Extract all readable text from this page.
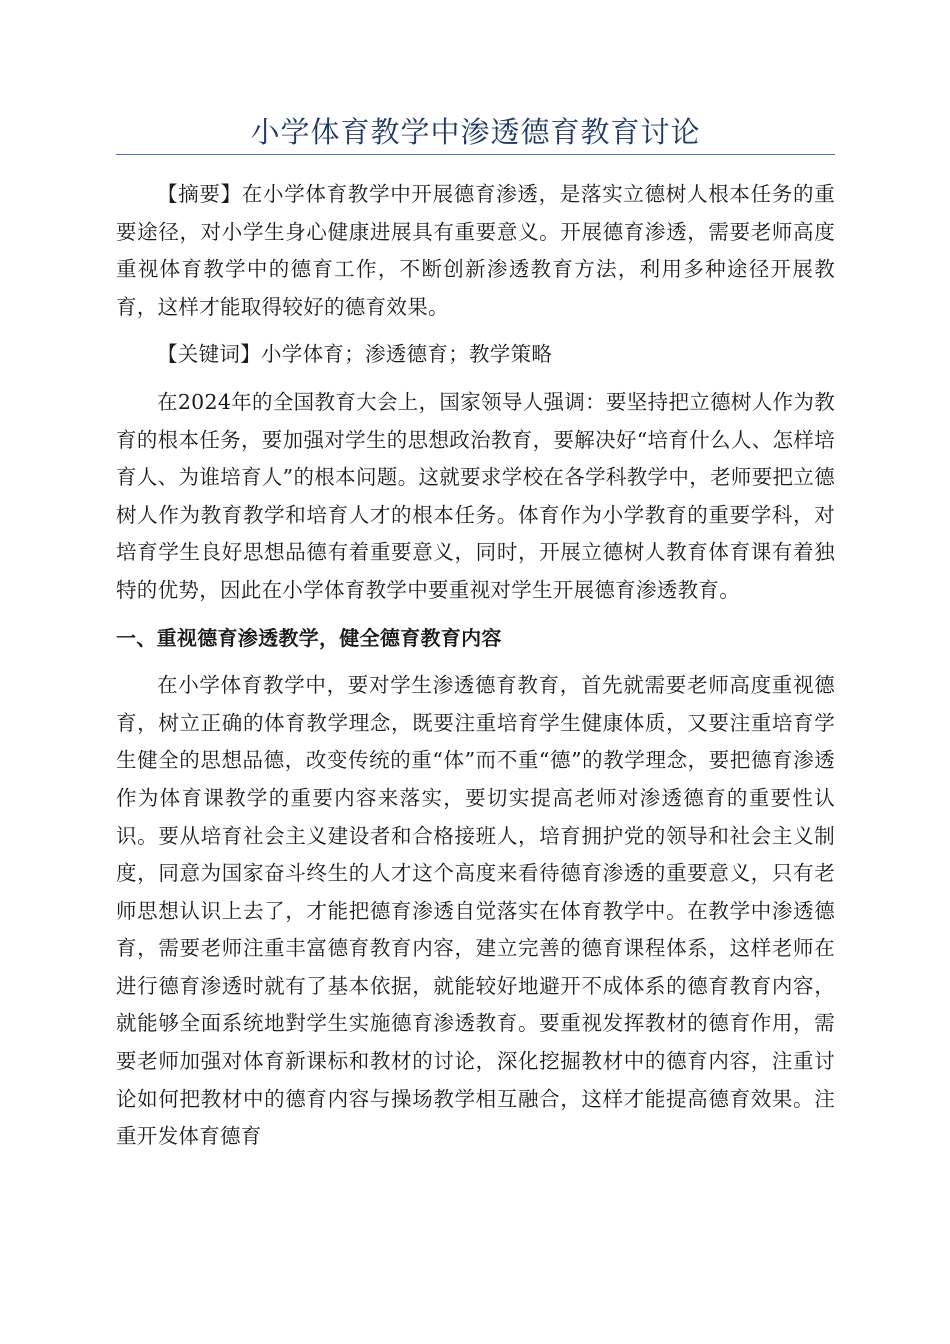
小学体育教学中渗透德育教育讨论

【摘要】在小学体育教学中开展德育渗透，是落实立德树人根本任务的重要途径，对小学生身心健康进展具有重要意义。开展德育渗透，需要老师高度重视体育教学中的德育工作，不断创新渗透教育方法，利用多种途径开展教育，这样才能取得较好的德育效果。

【关键词】小学体育；渗透德育；教学策略

在2024年的全国教育大会上，国家领导人强调：要坚持把立德树人作为教育的根本任务，要加强对学生的思想政治教育，要解决好“培育什么人、怎样培育人、为谁培育人”的根本问题。这就要求学校在各学科教学中，老师要把立德树人作为教育教学和培育人才的根本任务。体育作为小学教育的重要学科，对培育学生良好思想品德有着重要意义，同时，开展立德树人教育体育课有着独特的优势，因此在小学体育教学中要重视对学生开展德育渗透教育。

一、重视德育渗透教学，健全德育教育内容

在小学体育教学中，要对学生渗透德育教育，首先就需要老师高度重视德育，树立正确的体育教学理念，既要注重培育学生健康体质，又要注重培育学生健全的思想品德，改变传统的重“体”而不重“德”的教学理念，要把德育渗透作为体育课教学的重要内容来落实，要切实提高老师对渗透德育的重要性认识。要从培育社会主义建设者和合格接班人，培育拥护党的领导和社会主义制度，同意为国家奋斗终生的人才这个高度来看待德育渗透的重要意义，只有老师思想认识上去了，才能把德育渗透自觉落实在体育教学中。在教学中渗透德育，需要老师注重丰富德育教育内容，建立完善的德育课程体系，这样老师在进行德育渗透时就有了基本依据，就能较好地避开不成体系的德育教育内容，就能够全面系统地對学生实施德育渗透教育。要重视发挥教材的德育作用，需要老师加强对体育新课标和教材的讨论，深化挖掘教材中的德育内容，注重讨论如何把教材中的德育内容与操场教学相互融合，这样才能提高德育效果。注重开发体育德育
